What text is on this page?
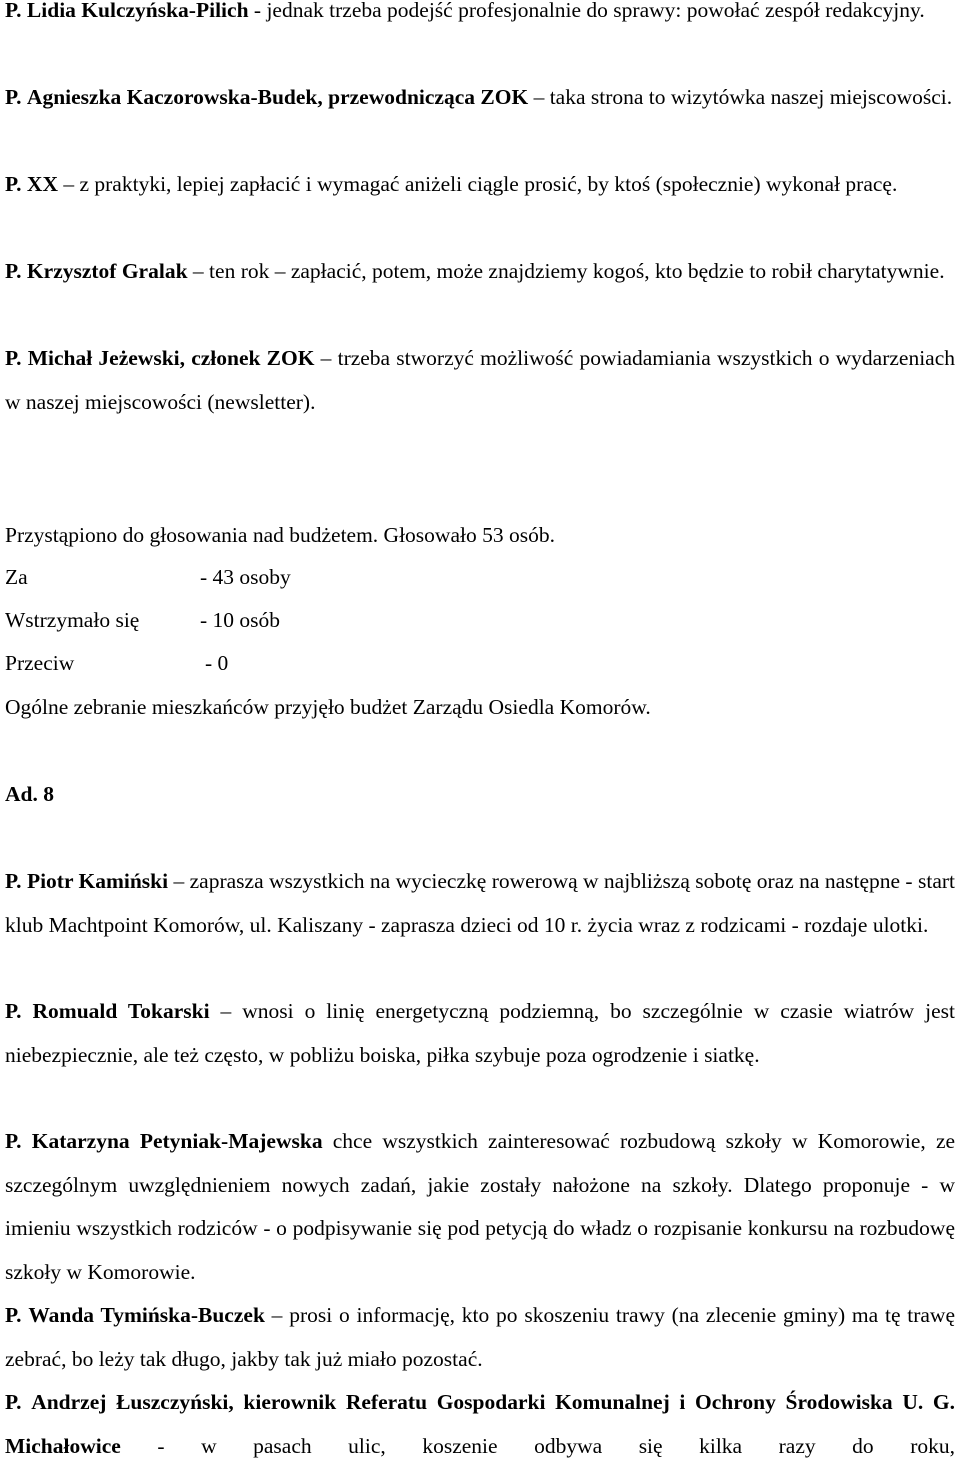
P. Lidia Kulczyńska-Pilich - jednak trzeba podejść profesjonalnie do sprawy: powołać zespół redakcyjny.

P. Agnieszka Kaczorowska-Budek, przewodnicząca ZOK – taka strona to wizytówka naszej miejscowości.

P. XX – z praktyki, lepiej zapłacić i wymagać aniżeli ciągle prosić, by ktoś (społecznie) wykonał pracę.

P. Krzysztof Gralak – ten rok – zapłacić, potem, może znajdziemy kogoś, kto będzie to robił charytatywnie.

P. Michał Jeżewski, członek ZOK – trzeba stworzyć możliwość powiadamiania wszystkich o wydarzeniach w naszej miejscowości (newsletter).

Przystąpiono do głosowania nad budżetem. Głosowało 53 osób.

Za	- 43 osoby
Wstrzymało się	- 10 osób
Przeciw	- 0

Ogólne zebranie mieszkańców przyjęło budżet Zarządu Osiedla Komorów.

Ad. 8

P. Piotr Kamiński – zaprasza wszystkich na wycieczkę rowerową w najbliższą sobotę oraz na następne - start klub Machtpoint Komorów, ul. Kaliszany - zaprasza dzieci od 10 r. życia wraz z rodzicami - rozdaje ulotki.

P. Romuald Tokarski – wnosi o linię energetyczną podziemną, bo szczególnie w czasie wiatrów jest niebezpiecznie, ale też często, w pobliżu boiska, piłka szybuje poza ogrodzenie i siatkę.

P. Katarzyna Petyniak-Majewska chce wszystkich zainteresować rozbudową szkoły w Komorowie, ze szczególnym uwzględnieniem nowych zadań, jakie zostały nałożone na szkoły. Dlatego proponuje - w imieniu wszystkich rodziców - o podpisywanie się pod petycją do władz o rozpisanie konkursu na rozbudowę szkoły w Komorowie.

P. Wanda Tymińska-Buczek – prosi o informację, kto po skoszeniu trawy (na zlecenie gminy) ma tę trawę zebrać, bo leży tak długo, jakby tak już miało pozostać.

P. Andrzej Łuszczyński, kierownik Referatu Gospodarki Komunalnej i Ochrony Środowiska U. G. Michałowice - w pasach ulic, koszenie odbywa się kilka razy do roku,
